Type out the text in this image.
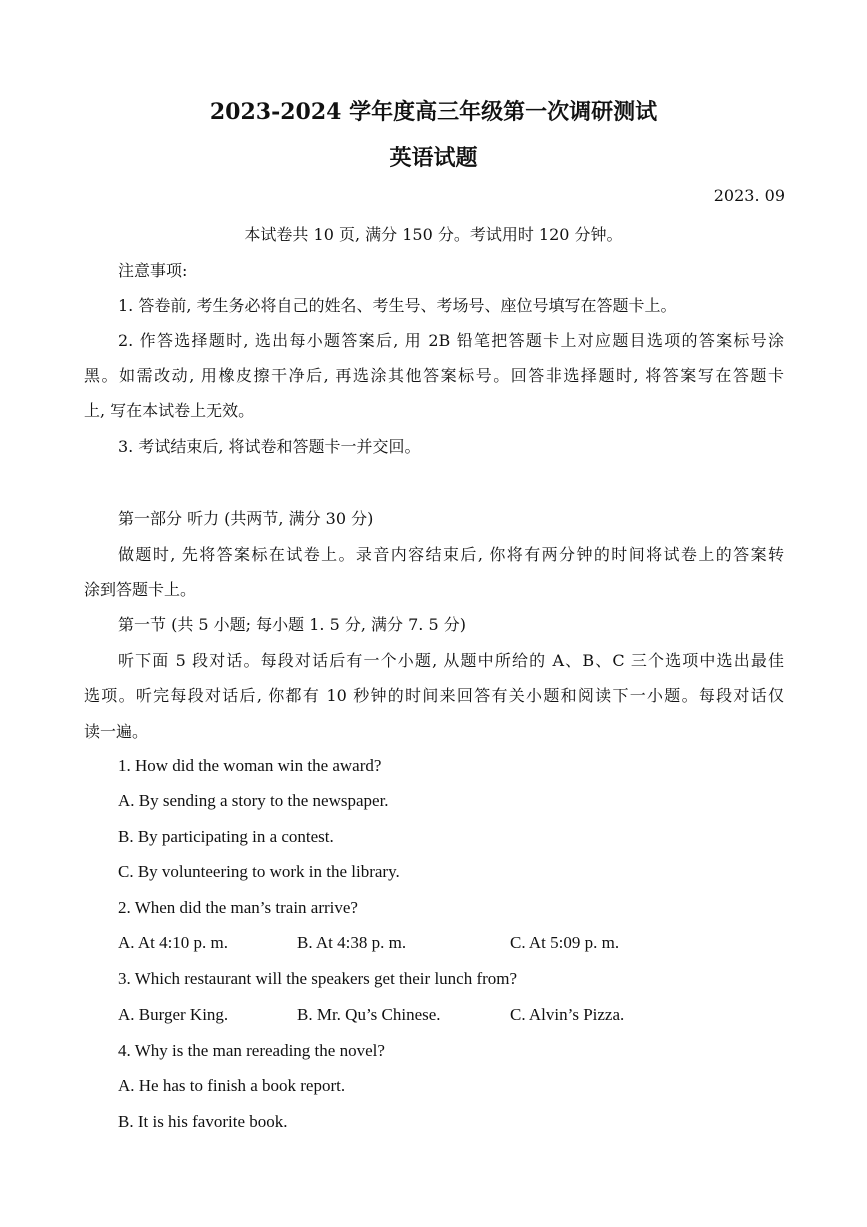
2023-2024 学年度高三年级第一次调研测试
英语试题
2023. 09
本试卷共 10 页, 满分 150 分。考试用时 120 分钟。
注意事项:
1. 答卷前, 考生务必将自己的姓名、考生号、考场号、座位号填写在答题卡上。
2. 作答选择题时, 选出每小题答案后, 用 2B 铅笔把答题卡上对应题目选项的答案标号涂
黑。如需改动, 用橡皮擦干净后, 再选涂其他答案标号。回答非选择题时, 将答案写在答题卡
上, 写在本试卷上无效。
3. 考试结束后, 将试卷和答题卡一并交回。
第一部分 听力 (共两节, 满分 30 分)
做题时, 先将答案标在试卷上。录音内容结束后, 你将有两分钟的时间将试卷上的答案转
涂到答题卡上。
第一节 (共 5 小题; 每小题 1. 5 分, 满分 7. 5 分)
听下面 5 段对话。每段对话后有一个小题, 从题中所给的 A、B、C 三个选项中选出最佳
选项。听完每段对话后, 你都有 10 秒钟的时间来回答有关小题和阅读下一小题。每段对话仅
读一遍。
1. How did the woman win the award?
A. By sending a story to the newspaper.
B. By participating in a contest.
C. By volunteering to work in the library.
2. When did the man’s train arrive?
A. At 4:10 p. m.	B. At 4:38 p. m.	C. At 5:09 p. m.
3. Which restaurant will the speakers get their lunch from?
A. Burger King.	B. Mr. Qu’s Chinese.	C. Alvin’s Pizza.
4. Why is the man rereading the novel?
A. He has to finish a book report.
B. It is his favorite book.
